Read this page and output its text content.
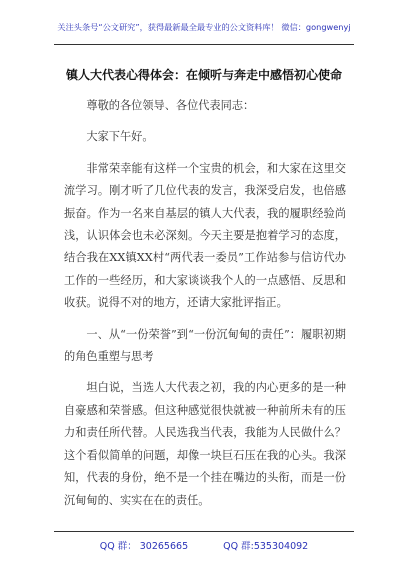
关注头条号“公文研究”，获得最新最全最专业的公文资料库！ 微信：gongwenyj
镇人大代表心得体会：在倾听与奔走中感悟初心使命

尊敬的各位领导、各位代表同志：

大家下午好。

非常荣幸能有这样一个宝贵的机会，和大家在这里交流学习。刚才听了几位代表的发言，我深受启发，也倍感振奋。作为一名来自基层的镇人大代表，我的履职经验尚浅，认识体会也未必深刻。今天主要是抱着学习的态度，结合我在XX镇XX村“两代表一委员”工作站参与信访代办工作的一些经历，和大家谈谈我个人的一点感悟、反思和收获。说得不对的地方，还请大家批评指正。

一、从“一份荣誉”到“一份沉甸甸的责任”：履职初期的角色重塑与思考

坦白说，当选人大代表之初，我的内心更多的是一种自豪感和荣誉感。但这种感觉很快就被一种前所未有的压力和责任所代替。人民选我当代表，我能为人民做什么？这个看似简单的问题，却像一块巨石压在我的心头。我深知，代表的身份，绝不是一个挂在嘴边的头衔，而是一份沉甸甸的、实实在在的责任。

QQ 群： 30265665	QQ 群:535304092
